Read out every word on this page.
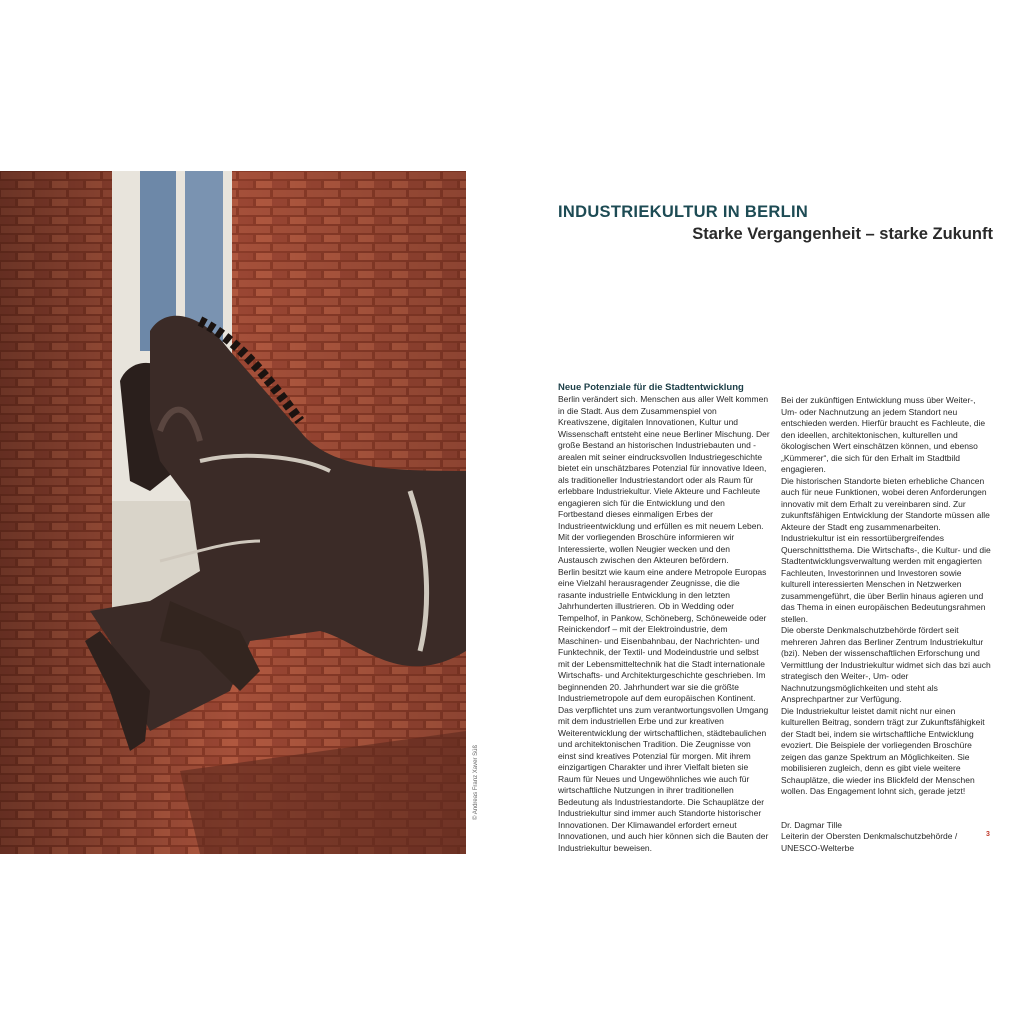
© Andreas Franz Xaver Süß
INDUSTRIEKULTUR IN BERLIN
Starke Vergangenheit – starke Zukunft
Neue Potenziale für die Stadtentwicklung

Berlin verändert sich. Menschen aus aller Welt kommen in die Stadt. Aus dem Zusammenspiel von Kreativszene, digitalen Innovationen, Kultur und Wissenschaft entsteht eine neue Berliner Mischung. Der große Bestand an historischen Industriebauten und -arealen mit seiner eindrucksvollen Industriegeschichte bietet ein unschätzbares Potenzial für innovative Ideen, als traditioneller Industriestandort oder als Raum für erlebbare Industriekultur. Viele Akteure und Fachleute engagieren sich für die Entwicklung und den Fortbestand dieses einmaligen Erbes der Industrieentwicklung und erfüllen es mit neuem Leben. Mit der vorliegenden Broschüre informieren wir Interessierte, wollen Neugier wecken und den Austausch zwischen den Akteuren befördern.

Berlin besitzt wie kaum eine andere Metropole Europas eine Vielzahl herausragender Zeugnisse, die die rasante industrielle Entwicklung in den letzten Jahrhunderten illustrieren. Ob in Wedding oder Tempelhof, in Pankow, Schöneberg, Schöneweide oder Reinickendorf – mit der Elektroindustrie, dem Maschinen- und Eisenbahnbau, der Nachrichten- und Funktechnik, der Textil- und Modeindustrie und selbst mit der Lebensmitteltechnik hat die Stadt internationale Wirtschafts- und Architekturgeschichte geschrieben. Im beginnenden 20. Jahrhundert war sie die größte Industriemetropole auf dem europäischen Kontinent. Das verpflichtet uns zum verantwortungsvollen Umgang mit dem industriellen Erbe und zur kreativen Weiterentwicklung der wirtschaftlichen, städtebaulichen und architektonischen Tradition. Die Zeugnisse von einst sind kreatives Potenzial für morgen. Mit ihrem einzigartigen Charakter und ihrer Vielfalt bieten sie Raum für Neues und Ungewöhnliches wie auch für wirtschaftliche Nutzungen in ihrer traditionellen Bedeutung als Industriestandorte. Die Schauplätze der Industriekultur sind immer auch Standorte historischer Innovationen. Der Klimawandel erfordert erneut Innovationen, und auch hier können sich die Bauten der Industriekultur beweisen.

Bei der zukünftigen Entwicklung muss über Weiter-, Um- oder Nachnutzung an jedem Standort neu entschieden werden. Hierfür braucht es Fachleute, die den ideellen, architektonischen, kulturellen und ökologischen Wert einschätzen können, und ebenso „Kümmerer“, die sich für den Erhalt im Stadtbild engagieren.

Die historischen Standorte bieten erhebliche Chancen auch für neue Funktionen, wobei deren Anforderungen innovativ mit dem Erhalt zu vereinbaren sind. Zur zukunftsfähigen Entwicklung der Standorte müssen alle Akteure der Stadt eng zusammenarbeiten. Industriekultur ist ein ressortübergreifendes Querschnittsthema. Die Wirtschafts-, die Kultur- und die Stadtentwicklungsverwaltung werden mit engagierten Fachleuten, Investorinnen und Investoren sowie kulturell interessierten Menschen in Netzwerken zusammengeführt, die über Berlin hinaus agieren und das Thema in einen europäischen Bedeutungsrahmen stellen.

Die oberste Denkmalschutzbehörde fördert seit mehreren Jahren das Berliner Zentrum Industriekultur (bzi). Neben der wissenschaftlichen Erforschung und Vermittlung der Industriekultur widmet sich das bzi auch strategisch den Weiter-, Um- oder Nachnutzungsmöglichkeiten und steht als Ansprechpartner zur Verfügung.

Die Industriekultur leistet damit nicht nur einen kulturellen Beitrag, sondern trägt zur Zukunftsfähigkeit der Stadt bei, indem sie wirtschaftliche Entwicklung evoziert. Die Beispiele der vorliegenden Broschüre zeigen das ganze Spektrum an Möglichkeiten. Sie mobilisieren zugleich, denn es gibt viele weitere Schauplätze, die wieder ins Blickfeld der Menschen wollen. Das Engagement lohnt sich, gerade jetzt!

Dr. Dagmar Tille

Leiterin der Obersten Denkmalschutzbehörde / UNESCO-Welterbe

3
